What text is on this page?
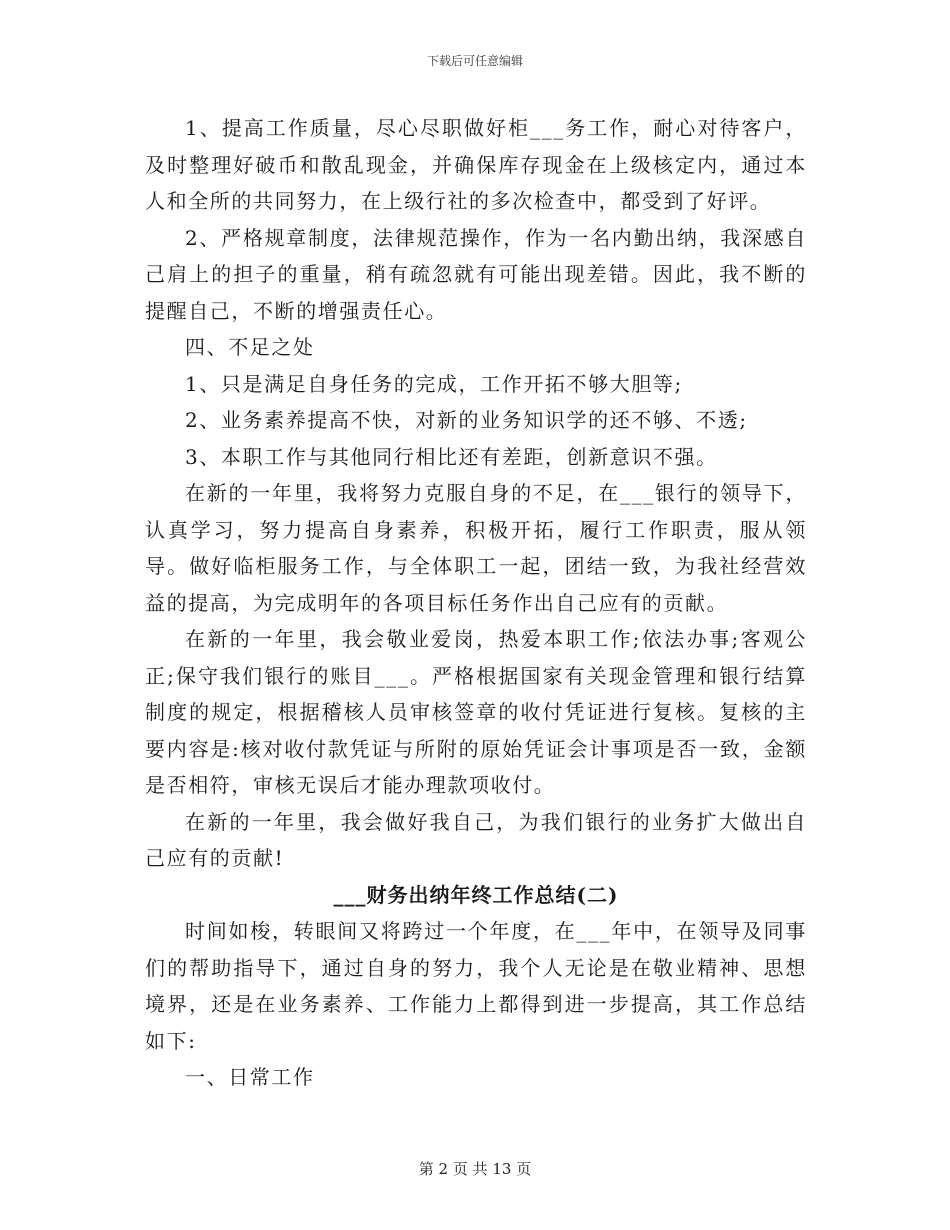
下载后可任意编辑

1、提高工作质量，尽心尽职做好柜___务工作，耐心对待客户，及时整理好破币和散乱现金，并确保库存现金在上级核定内，通过本人和全所的共同努力，在上级行社的多次检查中，都受到了好评。

2、严格规章制度，法律规范操作，作为一名内勤出纳，我深感自己肩上的担子的重量，稍有疏忽就有可能出现差错。因此，我不断的提醒自己，不断的增强责任心。

四、不足之处

1、只是满足自身任务的完成，工作开拓不够大胆等;

2、业务素养提高不快，对新的业务知识学的还不够、不透;

3、本职工作与其他同行相比还有差距，创新意识不强。

在新的一年里，我将努力克服自身的不足，在___银行的领导下，认真学习，努力提高自身素养，积极开拓，履行工作职责，服从领导。做好临柜服务工作，与全体职工一起，团结一致，为我社经营效益的提高，为完成明年的各项目标任务作出自己应有的贡献。

在新的一年里，我会敬业爱岗，热爱本职工作;依法办事;客观公正;保守我们银行的账目___。严格根据国家有关现金管理和银行结算制度的规定，根据稽核人员审核签章的收付凭证进行复核。复核的主要内容是:核对收付款凭证与所附的原始凭证会计事项是否一致，金额是否相符，审核无误后才能办理款项收付。

在新的一年里，我会做好我自己，为我们银行的业务扩大做出自己应有的贡献!

___财务出纳年终工作总结(二)

时间如梭，转眼间又将跨过一个年度，在___年中，在领导及同事们的帮助指导下，通过自身的努力，我个人无论是在敬业精神、思想境界，还是在业务素养、工作能力上都得到进一步提高，其工作总结如下:

一、日常工作

第 2 页 共 13 页
